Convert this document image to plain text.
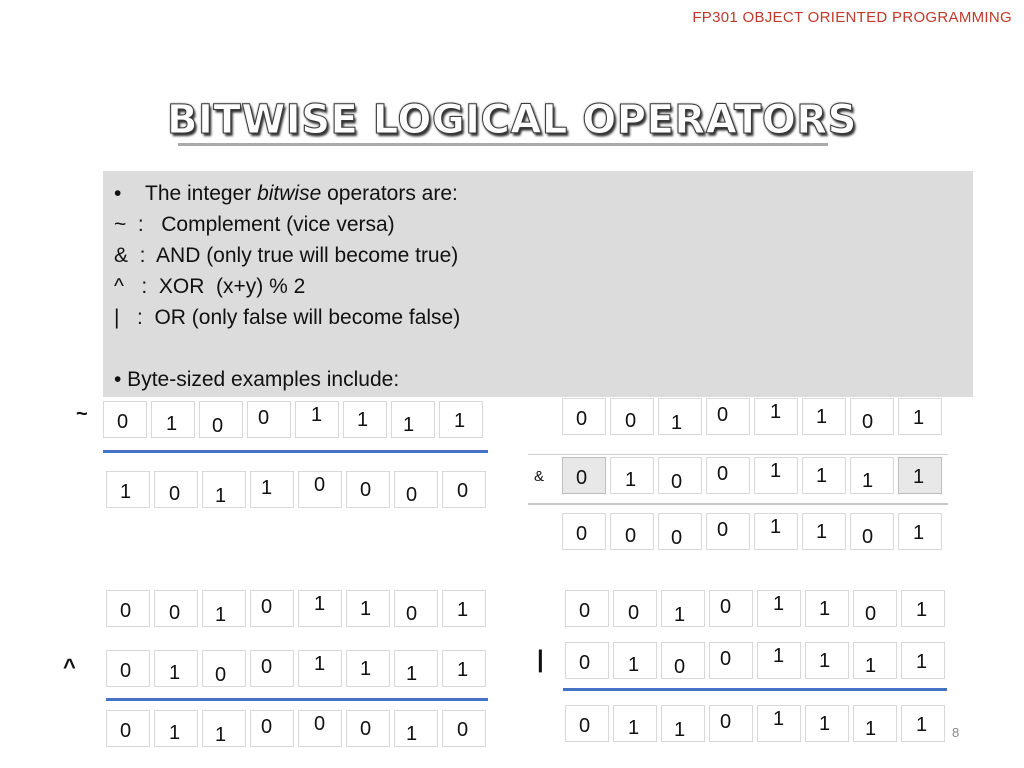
FP301 OBJECT ORIENTED PROGRAMMING
BITWISE LOGICAL OPERATORS
• The integer bitwise operators are:
~  :   Complement (vice versa)
&  :  AND (only true will become true)
^   :  XOR  (x+y) % 2
|   :  OR (only false will become false)
• Byte-sized examples include:
~ 0 1 0 0 1 1 1 1
1 0 1 1 0 0 0 0
0 0 1 0 1 1 0 1
& 0 1 0 0 1 1 1 1
0 0 0 0 1 1 0 1
0 0 1 0 1 1 0 1
^ 0 1 0 0 1 1 1 1
0 1 1 0 0 0 1 0
0 0 1 0 1 1 0 1
| 0 1 0 0 1 1 1 1
0 1 1 0 1 1 1 1 8
